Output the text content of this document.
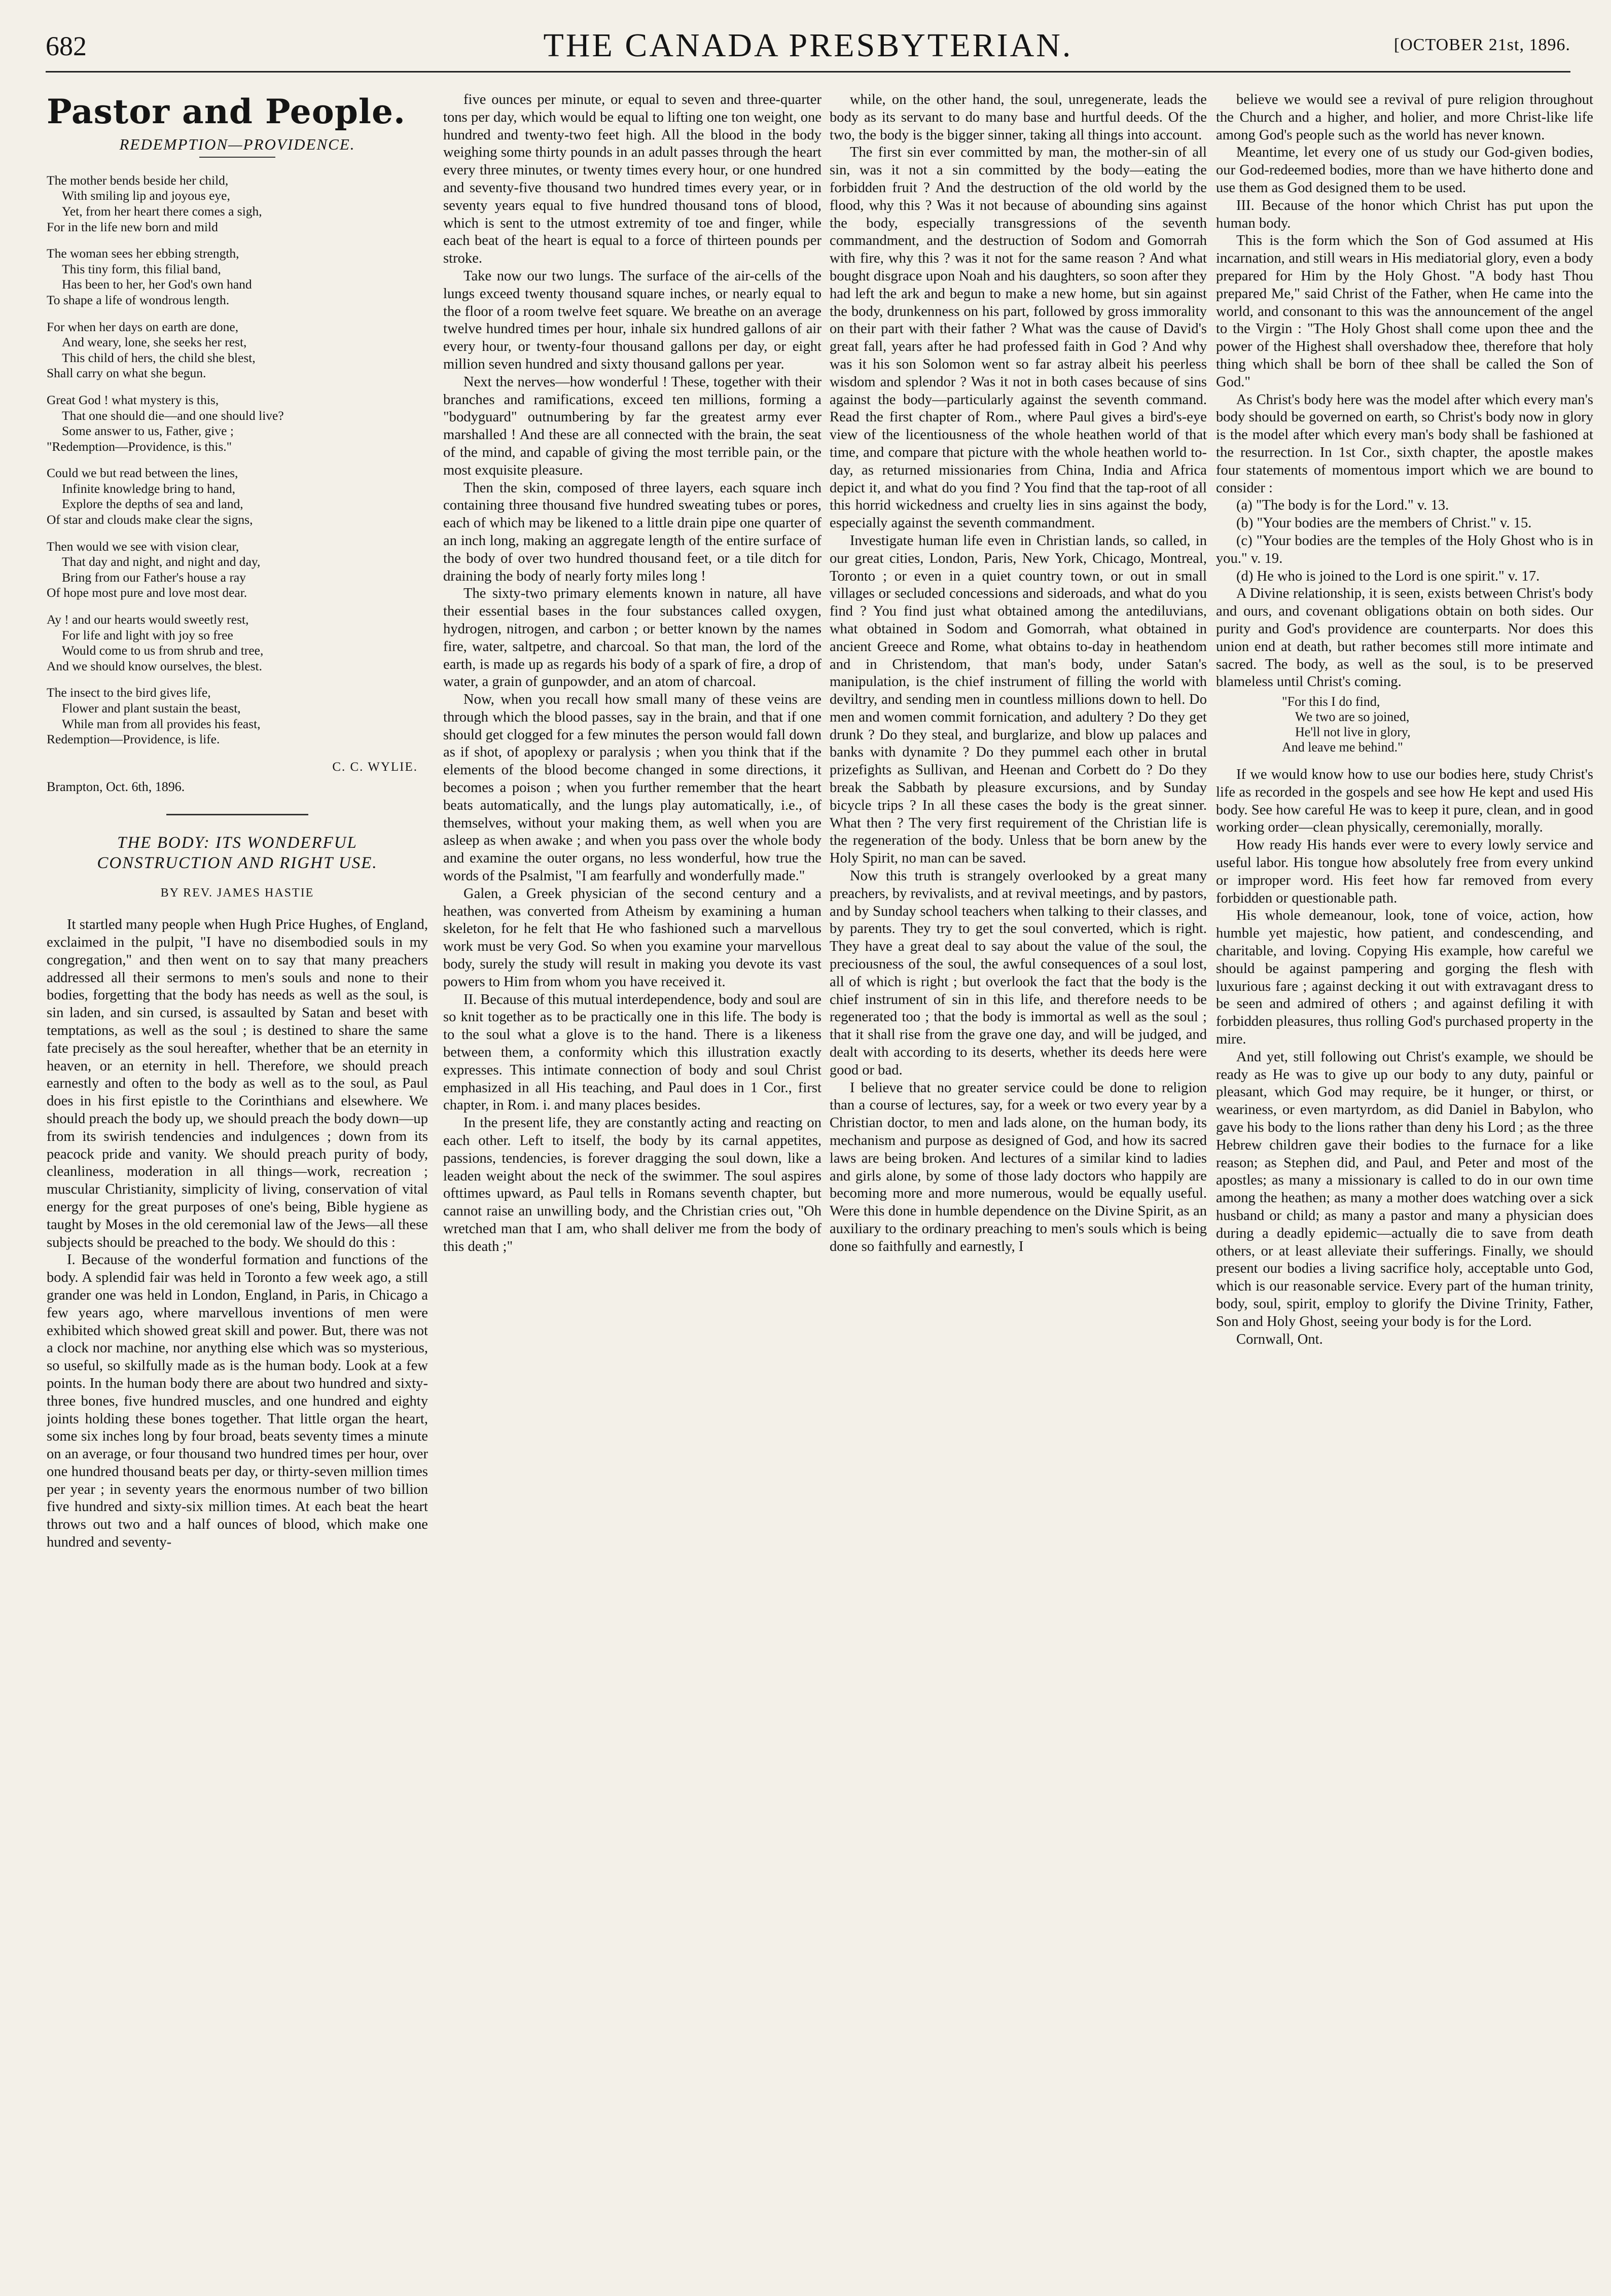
682	THE CANADA PRESBYTERIAN.	[OCTOBER 21st, 1896.
Pastor and People.
REDEMPTION—PROVIDENCE.
The mother bends beside her child,
With smiling lip and joyous eye,
Yet, from her heart there comes a sigh,
For in the life new born and mild
The woman sees her ebbing strength,
This tiny form, this filial band,
Has been to her, her God's own hand
To shape a life of wondrous length.
For when her days on earth are done,
And weary, lone, she seeks her rest,
This child of hers, the child she blest,
Shall carry on what she begun.
Great God ! what mystery is this,
That one should die—and one should live?
Some answer to us, Father, give ;
"Redemption—Providence, is this."
Could we but read between the lines,
Infinite knowledge bring to hand,
Explore the depths of sea and land,
Of star and clouds make clear the signs,
Then would we see with vision clear,
That day and night, and night and day,
Bring from our Father's house a ray
Of hope most pure and love most dear.
Ay ! and our hearts would sweetly rest,
For life and light with joy so free
Would come to us from shrub and tree,
And we should know ourselves, the blest.
The insect to the bird gives life,
Flower and plant sustain the beast,
While man from all provides his feast,
Redemption—Providence, is life.
C. C. WYLIE.
Brampton, Oct. 6th, 1896.
THE BODY: ITS WONDERFUL CONSTRUCTION AND RIGHT USE.
BY REV. JAMES HASTIE

It startled many people when Hugh Price Hughes, of England, exclaimed in the pulpit, "I have no disembodied souls in my congregation," and then went on to say that many preachers addressed all their sermons to men's souls and none to their bodies, forgetting that the body has needs as well as the soul, is sin laden, and sin cursed, is assaulted by Satan and beset with temptations, as well as the soul ; is destined to share the same fate precisely as the soul hereafter, whether that be an eternity in heaven, or an eternity in hell. Therefore, we should preach earnestly and often to the body as well as to the soul, as Paul does in his first epistle to the Corinthians and elsewhere. We should preach the body up, we should preach the body down—up from its swirish tendencies and indulgences ; down from its peacock pride and vanity. We should preach purity of body, cleanliness, moderation in all things—work, recreation ; muscular Christianity, simplicity of living, conservation of vital energy for the great purposes of one's being, Bible hygiene as taught by Moses in the old ceremonial law of the Jews—all these subjects should be preached to the body. We should do this :

I. Because of the wonderful formation and functions of the body. A splendid fair was held in Toronto a few week ago, a still grander one was held in London, England, in Paris, in Chicago a few years ago, where marvellous inventions of men were exhibited which showed great skill and power. But, there was not a clock nor machine, nor anything else which was so mysterious, so useful, so skilfully made as is the human body. Look at a few points. In the human body there are about two hundred and sixty-three bones, five hundred muscles, and one hundred and eighty joints holding these bones together. That little organ the heart, some six inches long by four broad, beats seventy times a minute on an average, or four thousand two hundred times per hour, over one hundred thousand beats per day, or thirty-seven million times per year ; in seventy years the enormous number of two billion five hundred and sixty-six million times. At each beat the heart throws out two and a half ounces of blood, which make one hundred and seventy-

five ounces per minute, or equal to seven and three-quarter tons per day, which would be equal to lifting one ton weight, one hundred and twenty-two feet high. All the blood in the body weighing some thirty pounds in an adult passes through the heart every three minutes, or twenty times every hour, or one hundred and seventy-five thousand two hundred times every year, or in seventy years equal to five hundred thousand tons of blood, which is sent to the utmost extremity of toe and finger, while each beat of the heart is equal to a force of thirteen pounds per stroke.

Take now our two lungs. The surface of the air-cells of the lungs exceed twenty thousand square inches, or nearly equal to the floor of a room twelve feet square. We breathe on an average twelve hundred times per hour, inhale six hundred gallons of air every hour, or twenty-four thousand gallons per day, or eight million seven hundred and sixty thousand gallons per year.

Next the nerves—how wonderful ! These, together with their branches and ramifications, exceed ten millions, forming a "bodyguard" outnumbering by far the greatest army ever marshalled ! And these are all connected with the brain, the seat of the mind, and capable of giving the most terrible pain, or the most exquisite pleasure.

Then the skin, composed of three layers, each square inch containing three thousand five hundred sweating tubes or pores, each of which may be likened to a little drain pipe one quarter of an inch long, making an aggregate length of the entire surface of the body of over two hundred thousand feet, or a tile ditch for draining the body of nearly forty miles long !

The sixty-two primary elements known in nature, all have their essential bases in the four substances called oxygen, hydrogen, nitrogen, and carbon ; or better known by the names fire, water, saltpetre, and charcoal. So that man, the lord of the earth, is made up as regards his body of a spark of fire, a drop of water, a grain of gunpowder, and an atom of charcoal.

Now, when you recall how small many of these veins are through which the blood passes, say in the brain, and that if one should get clogged for a few minutes the person would fall down as if shot, of apoplexy or paralysis ; when you think that if the elements of the blood become changed in some directions, it becomes a poison ; when you further remember that the heart beats automatically, and the lungs play automatically, i.e., of themselves, without your making them, as well when you are asleep as when awake ; and when you pass over the whole body and examine the outer organs, no less wonderful, how true the words of the Psalmist, "I am fearfully and wonderfully made."

Galen, a Greek physician of the second century and a heathen, was converted from Atheism by examining a human skeleton, for he felt that He who fashioned such a marvellous work must be very God. So when you examine your marvellous body, surely the study will result in making you devote its vast powers to Him from whom you have received it.

II. Because of this mutual interdependence, body and soul are so knit together as to be practically one in this life. The body is to the soul what a glove is to the hand. There is a likeness between them, a conformity which this illustration exactly expresses. This intimate connection of body and soul Christ emphasized in all His teaching, and Paul does in 1 Cor., first chapter, in Rom. i. and many places besides.

In the present life, they are constantly acting and reacting on each other. Left to itself, the body by its carnal appetites, passions, tendencies, is forever dragging the soul down, like a leaden weight about the neck of the swimmer. The soul aspires ofttimes upward, as Paul tells in Romans seventh chapter, but cannot raise an unwilling body, and the Christian cries out, "Oh wretched man that I am, who shall deliver me from the body of this death ;"

while, on the other hand, the soul, unregenerate, leads the body as its servant to do many base and hurtful deeds. Of the two, the body is the bigger sinner, taking all things into account.

The first sin ever committed by man, the mother-sin of all sin, was it not a sin committed by the body—eating the forbidden fruit ? And the destruction of the old world by the flood, why this ? Was it not because of abounding sins against the body, especially transgressions of the seventh commandment, and the destruction of Sodom and Gomorrah with fire, why this ? was it not for the same reason ? And what bought disgrace upon Noah and his daughters, so soon after they had left the ark and begun to make a new home, but sin against the body, drunkenness on his part, followed by gross immorality on their part with their father ? What was the cause of David's great fall, years after he had professed faith in God ? And why was it his son Solomon went so far astray albeit his peerless wisdom and splendor ? Was it not in both cases because of sins against the body—particularly against the seventh command. Read the first chapter of Rom., where Paul gives a bird's-eye view of the licentiousness of the whole heathen world of that time, and compare that picture with the whole heathen world to-day, as returned missionaries from China, India and Africa depict it, and what do you find ? You find that the tap-root of all this horrid wickedness and cruelty lies in sins against the body, especially against the seventh commandment.

Investigate human life even in Christian lands, so called, in our great cities, London, Paris, New York, Chicago, Montreal, Toronto ; or even in a quiet country town, or out in small villages or secluded concessions and sideroads, and what do you find ? You find just what obtained among the antediluvians, what obtained in Sodom and Gomorrah, what obtained in ancient Greece and Rome, what obtains to-day in heathendom and in Christendom, that man's body, under Satan's manipulation, is the chief instrument of filling the world with deviltry, and sending men in countless millions down to hell. Do men and women commit fornication, and adultery ? Do they get drunk ? Do they steal, and burglarize, and blow up palaces and banks with dynamite ? Do they pummel each other in brutal prizefights as Sullivan, and Heenan and Corbett do ? Do they break the Sabbath by pleasure excursions, and by Sunday bicycle trips ? In all these cases the body is the great sinner. What then ? The very first requirement of the Christian life is the regeneration of the body. Unless that be born anew by the Holy Spirit, no man can be saved.

Now this truth is strangely overlooked by a great many preachers, by revivalists, and at revival meetings, and by pastors, and by Sunday school teachers when talking to their classes, and by parents. They try to get the soul converted, which is right. They have a great deal to say about the value of the soul, the preciousness of the soul, the awful consequences of a soul lost, all of which is right ; but overlook the fact that the body is the chief instrument of sin in this life, and therefore needs to be regenerated too ; that the body is immortal as well as the soul ; that it shall rise from the grave one day, and will be judged, and dealt with according to its deserts, whether its deeds here were good or bad.

I believe that no greater service could be done to religion than a course of lectures, say, for a week or two every year by a Christian doctor, to men and lads alone, on the human body, its mechanism and purpose as designed of God, and how its sacred laws are being broken. And lectures of a similar kind to ladies and girls alone, by some of those lady doctors who happily are becoming more and more numerous, would be equally useful. Were this done in humble dependence on the Divine Spirit, as an auxiliary to the ordinary preaching to men's souls which is being done so faithfully and earnestly, I

believe we would see a revival of pure religion throughout the Church and a higher, and holier, and more Christ-like life among God's people such as the world has never known.

Meantime, let every one of us study our God-given bodies, our God-redeemed bodies, more than we have hitherto done and use them as God designed them to be used.

III. Because of the honor which Christ has put upon the human body.

This is the form which the Son of God assumed at His incarnation, and still wears in His mediatorial glory, even a body prepared for Him by the Holy Ghost. "A body hast Thou prepared Me," said Christ of the Father, when He came into the world, and consonant to this was the announcement of the angel to the Virgin : "The Holy Ghost shall come upon thee and the power of the Highest shall overshadow thee, therefore that holy thing which shall be born of thee shall be called the Son of God."

As Christ's body here was the model after which every man's body should be governed on earth, so Christ's body now in glory is the model after which every man's body shall be fashioned at the resurrection. In 1st Cor., sixth chapter, the apostle makes four statements of momentous import which we are bound to consider :

(a) "The body is for the Lord." v. 13.

(b) "Your bodies are the members of Christ." v. 15.

(c) "Your bodies are the temples of the Holy Ghost who is in you." v. 19.

(d) He who is joined to the Lord is one spirit." v. 17.

A Divine relationship, it is seen, exists between Christ's body and ours, and covenant obligations obtain on both sides. Our purity and God's providence are counterparts. Nor does this union end at death, but rather becomes still more intimate and sacred. The body, as well as the soul, is to be preserved blameless until Christ's coming.

"For this I do find,
We two are so joined,
He'll not live in glory,
And leave me behind."

If we would know how to use our bodies here, study Christ's life as recorded in the gospels and see how He kept and used His body. See how careful He was to keep it pure, clean, and in good working order—clean physically, ceremonially, morally.

How ready His hands ever were to every lowly service and useful labor. His tongue how absolutely free from every unkind or improper word. His feet how far removed from every forbidden or questionable path.

His whole demeanour, look, tone of voice, action, how humble yet majestic, how patient, and condescending, and charitable, and loving. Copying His example, how careful we should be against pampering and gorging the flesh with luxurious fare ; against decking it out with extravagant dress to be seen and admired of others ; and against defiling it with forbidden pleasures, thus rolling God's purchased property in the mire.

And yet, still following out Christ's example, we should be ready as He was to give up our body to any duty, painful or pleasant, which God may require, be it hunger, or thirst, or weariness, or even martyrdom, as did Daniel in Babylon, who gave his body to the lions rather than deny his Lord ; as the three Hebrew children gave their bodies to the furnace for a like reason; as Stephen did, and Paul, and Peter and most of the apostles; as many a missionary is called to do in our own time among the heathen; as many a mother does watching over a sick husband or child; as many a pastor and many a physician does during a deadly epidemic—actually die to save from death others, or at least alleviate their sufferings. Finally, we should present our bodies a living sacrifice holy, acceptable unto God, which is our reasonable service. Every part of the human trinity, body, soul, spirit, employ to glorify the Divine Trinity, Father, Son and Holy Ghost, seeing your body is for the Lord.

Cornwall, Ont.
